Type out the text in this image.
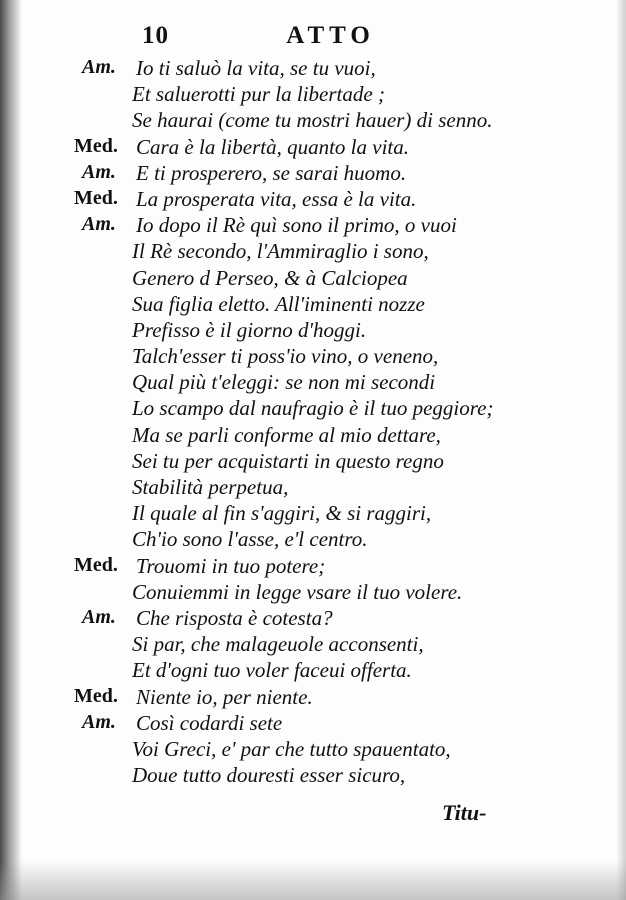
10	ATTO
Am. Io ti saluò la vita, se tu vuoi,
Et saluerotti pur la libertade ;
Se haurai (come tu mostri hauer) di senno.
Med. Cara è la libertà, quanto la vita.
Am. E ti prosperero, se sarai huomo.
Med. La prosperata vita, essa è la vita.
Am. Io dopo il Rè quì sono il primo, o vuoi
Il Rè secondo, l'Ammiraglio i sono,
Genero d Perseo, & à Calciopea
Sua figlia eletto. All'iminenti nozze
Prefisso è il giorno d'hoggi.
Talch'esser ti poss'io vino, o veneno,
Qual più t'eleggi: se non mi secondi
Lo scampo dal naufragio è il tuo peggiore;
Ma se parli conforme al mio dettare,
Sei tu per acquistarti in questo regno
Stabilità perpetua,
Il quale al fin s'aggiri, & si raggiri,
Ch'io sono l'asse, e'l centro.
Med. Trouomi in tuo potere;
Conuiemmi in legge vsare il tuo volere.
Am. Che risposta è cotesta?
Si par, che malageuole acconsenti,
Et d'ogni tuo voler faceui offerta.
Med. Niente io, per niente.
Am. Così codardi sete
Voi Greci, e' par che tutto spauentato,
Doue tutto douresti esser sicuro,
Titu-
